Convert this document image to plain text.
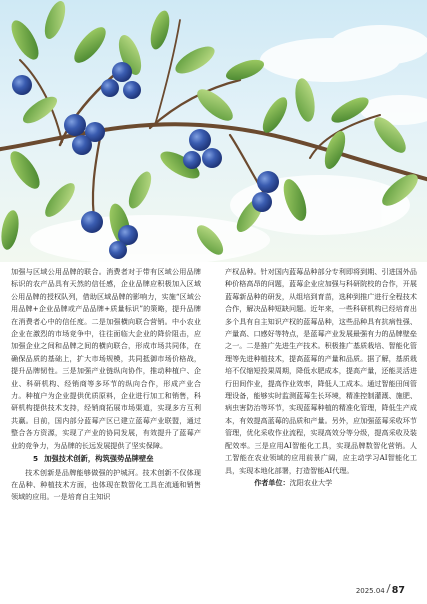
加强与区域公用品牌的联合。消费者对于带有区域公用品牌标识的农产品具有天然的信任感，企业品牌应积极加入区域公用品牌的授权队列，借助区域品牌的影响力，实施“区域公用品牌+企业品牌或产品品牌+质量标识”的策略，提升品牌在消费者心中的信任度。二是加强横向联合营销。中小农业企业在激烈的市场竞争中，往往面临大企业的降价阻击，应加强企业之间和品牌之间的横向联合，形成市场共同体，在确保品质的基础上，扩大市场规模，共同抵御市场价格战，提升品牌韧性。三是加强产业链纵向协作，推动种植户、企业、科研机构、经销商等多环节的纵向合作，形成产业合力。种植户为企业提供优质原料，企业进行加工和销售，科研机构提供技术支持，经销商拓展市场渠道，实现多方互利共赢。目前，国内部分蓝莓产区已建立蓝莓产业联盟，通过整合各方资源，实现了产业的协同发展，有效提升了蓝莓产业的竞争力，为品牌的长远发展提供了坚实保障。

5 加强技术创新，构筑强势品牌壁垒

技术创新是品牌能够做强的护城河。技术创新不仅体现在品种、种植技术方面，也体现在数智化工具在流通和销售领域的应用。一是培育自主知识

产权品种。针对国内蓝莓品种部分专利即将到期、引进国外品种价格高昂的问题，蓝莓企业应加强与科研院校的合作，开展蓝莓新品种的研发，从组培到育苗，选种到推广进行全程技术合作，解决品种短缺问题。近年来，一些科研机构已经培育出多个具有自主知识产权的蓝莓品种，这些品种具有抗病性强、产量高、口感好等特点，是蓝莓产业发展最强有力的品牌壁垒之一。二是推广先进生产技术。积极推广基质栽培、智能化管理等先进种植技术，提高蓝莓的产量和品质。据了解，基质栽培不仅缩短投果周期，降低水肥成本，提高产量，还能灵活进行田间作业，提高作业效率，降低人工成本。通过智能田间管理设备，能够实时监测蓝莓生长环境，精准控制灌溉、施肥、病虫害防治等环节，实现蓝莓种植的精准化管理，降低生产成本，有效提高蓝莓的品质和产量。另外，应加强蓝莓采收环节管理，优化采收作业流程，实现高效分等分级，提高采收及装配效率。三是应用AI智能化工具，实现品牌数智化营销。人工智能在农业领域的应用前景广阔，应主动学习AI智能化工具，实现本地化部署，打造智能AI代理。

作者单位：沈阳农业大学

2025.04 87
